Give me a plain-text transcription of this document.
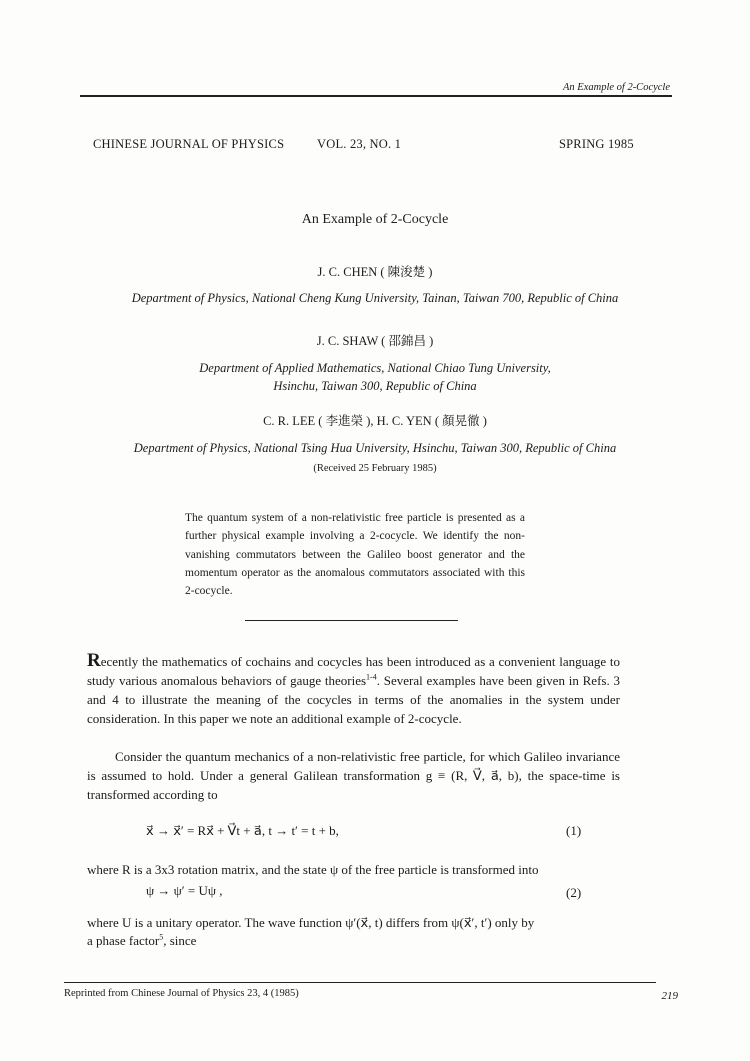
An Example of 2-Cocycle
CHINESE JOURNAL OF PHYSICS	VOL. 23, NO. 1	SPRING 1985
An Example of 2-Cocycle
J. C. CHEN ( 陳浚楚 )
Department of Physics, National Cheng Kung University, Tainan, Taiwan 700, Republic of China
J. C. SHAW ( 邵錦昌 )
Department of Applied Mathematics, National Chiao Tung University,
Hsinchu, Taiwan 300, Republic of China
C. R. LEE ( 李進榮 ), H. C. YEN ( 顏晃徹 )
Department of Physics, National Tsing Hua University, Hsinchu, Taiwan 300, Republic of China
(Received 25 February 1985)
The quantum system of a non-relativistic free particle is presented as a further physical example involving a 2-cocycle. We identify the non-vanishing commutators between the Galileo boost generator and the momentum operator as the anomalous commutators associated with this 2-cocycle.
Recently the mathematics of cochains and cocycles has been introduced as a convenient language to study various anomalous behaviors of gauge theories$^{1-4}$. Several examples have been given in Refs. 3 and 4 to illustrate the meaning of the cocycles in terms of the anomalies in the system under consideration. In this paper we note an additional example of 2-cocycle.
Consider the quantum mechanics of a non-relativistic free particle, for which Galileo invariance is assumed to hold. Under a general Galilean transformation g ≡ (R, V⃗, a⃗, b), the space-time is transformed according to
x⃗ → x⃗′ = Rx⃗ + V⃗t + a⃗, t → t′ = t + b,	(1)
where R is a 3x3 rotation matrix, and the state ψ of the free particle is transformed into
ψ → ψ′ = Uψ ,	(2)
where U is a unitary operator. The wave function ψ′(x⃗, t) differs from ψ(x⃗′, t′) only by
a phase factor$^5$, since
Reprinted from Chinese Journal of Physics 23, 4 (1985)	219
